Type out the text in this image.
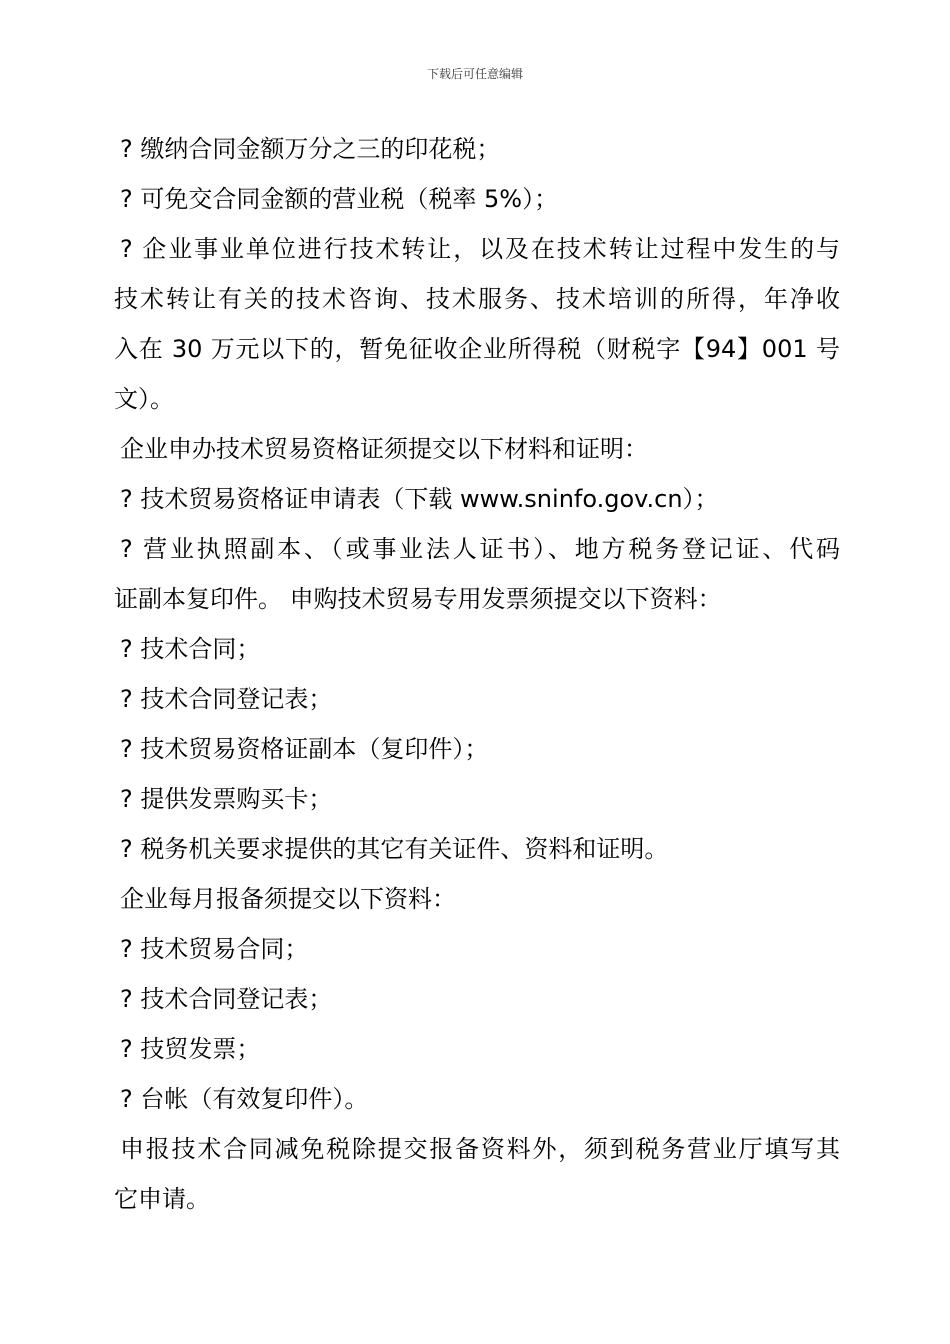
下载后可任意编辑
? 缴纳合同金额万分之三的印花税；
? 可免交合同金额的营业税（税率 5%）；
? 企业事业单位进行技术转让，以及在技术转让过程中发生的与
技术转让有关的技术咨询、技术服务、技术培训的所得，年净收
入在 30 万元以下的，暂免征收企业所得税（财税字【94】001 号
文）。
企业申办技术贸易资格证须提交以下材料和证明：
? 技术贸易资格证申请表（下载 www.sninfo.gov.cn）；
? 营业执照副本、（或事业法人证书）、地方税务登记证、代码
证副本复印件。 申购技术贸易专用发票须提交以下资料：
? 技术合同；
? 技术合同登记表；
? 技术贸易资格证副本（复印件）；
? 提供发票购买卡；
? 税务机关要求提供的其它有关证件、资料和证明。
企业每月报备须提交以下资料：
? 技术贸易合同；
? 技术合同登记表；
? 技贸发票；
? 台帐（有效复印件）。
申报技术合同减免税除提交报备资料外，须到税务营业厅填写其
它申请。
